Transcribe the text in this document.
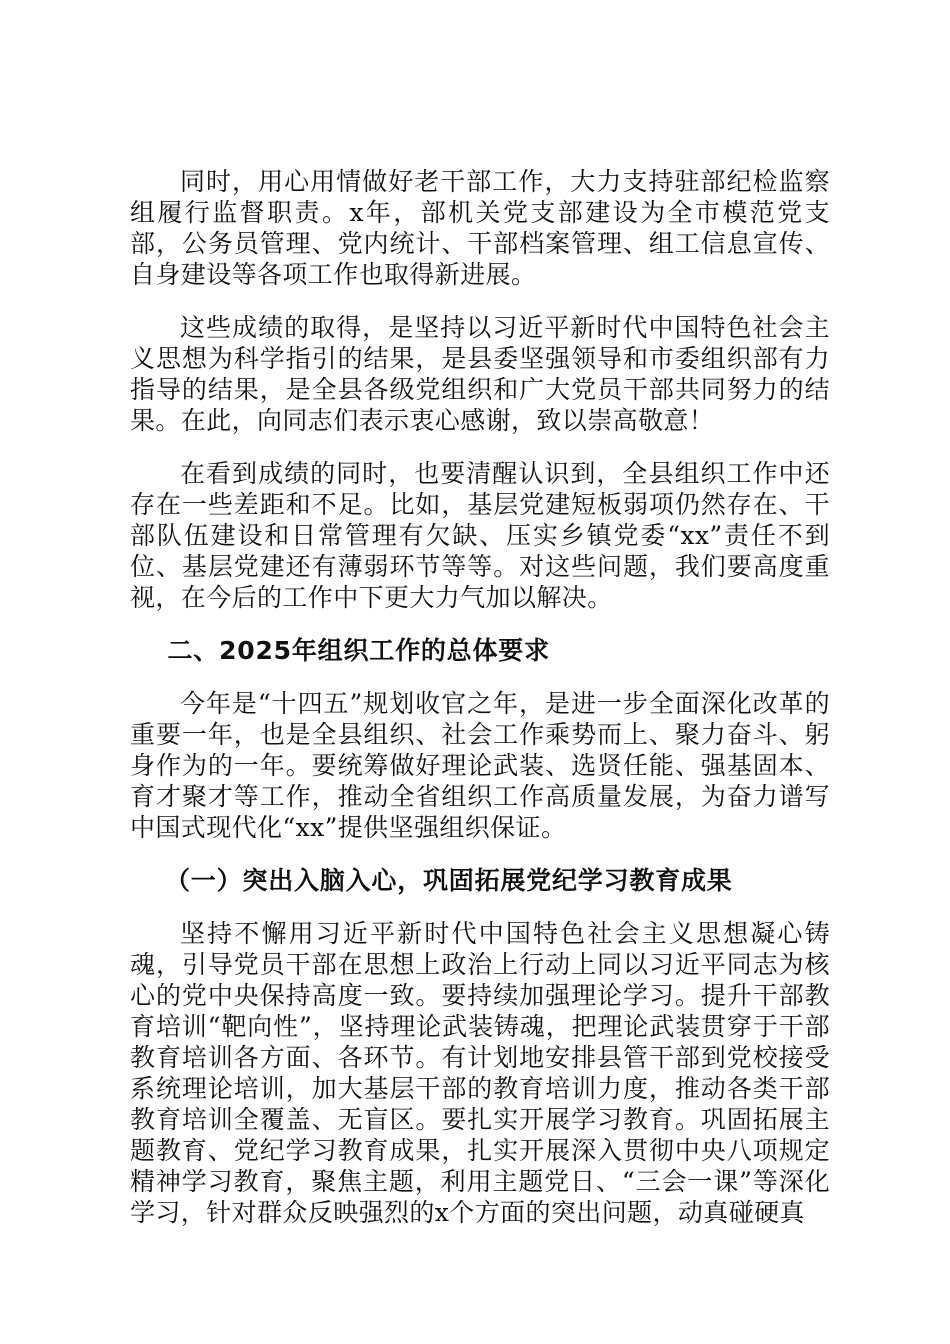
同时，用心用情做好老干部工作，大力支持驻部纪检监察组履行监督职责。x年，部机关党支部建设为全市模范党支部，公务员管理、党内统计、干部档案管理、组工信息宣传、自身建设等各项工作也取得新进展。

这些成绩的取得，是坚持以习近平新时代中国特色社会主义思想为科学指引的结果，是县委坚强领导和市委组织部有力指导的结果，是全县各级党组织和广大党员干部共同努力的结果。在此，向同志们表示衷心感谢，致以崇高敬意！

在看到成绩的同时，也要清醒认识到，全县组织工作中还存在一些差距和不足。比如，基层党建短板弱项仍然存在、干部队伍建设和日常管理有欠缺、压实乡镇党委“xx”责任不到位、基层党建还有薄弱环节等等。对这些问题，我们要高度重视，在今后的工作中下更大力气加以解决。

二、2025年组织工作的总体要求

今年是“十四五”规划收官之年，是进一步全面深化改革的重要一年，也是全县组织、社会工作乘势而上、聚力奋斗、躬身作为的一年。要统筹做好理论武装、选贤任能、强基固本、育才聚才等工作，推动全省组织工作高质量发展，为奋力谱写中国式现代化“xx”提供坚强组织保证。

（一）突出入脑入心，巩固拓展党纪学习教育成果

坚持不懈用习近平新时代中国特色社会主义思想凝心铸魂，引导党员干部在思想上政治上行动上同以习近平同志为核心的党中央保持高度一致。要持续加强理论学习。提升干部教育培训“靶向性”，坚持理论武装铸魂，把理论武装贯穿于干部教育培训各方面、各环节。有计划地安排县管干部到党校接受系统理论培训，加大基层干部的教育培训力度，推动各类干部教育培训全覆盖、无盲区。要扎实开展学习教育。巩固拓展主题教育、党纪学习教育成果，扎实开展深入贯彻中央八项规定精神学习教育，聚焦主题，利用主题党日、“三会一课”等深化学习，针对群众反映强烈的x个方面的突出问题，动真碰硬真
